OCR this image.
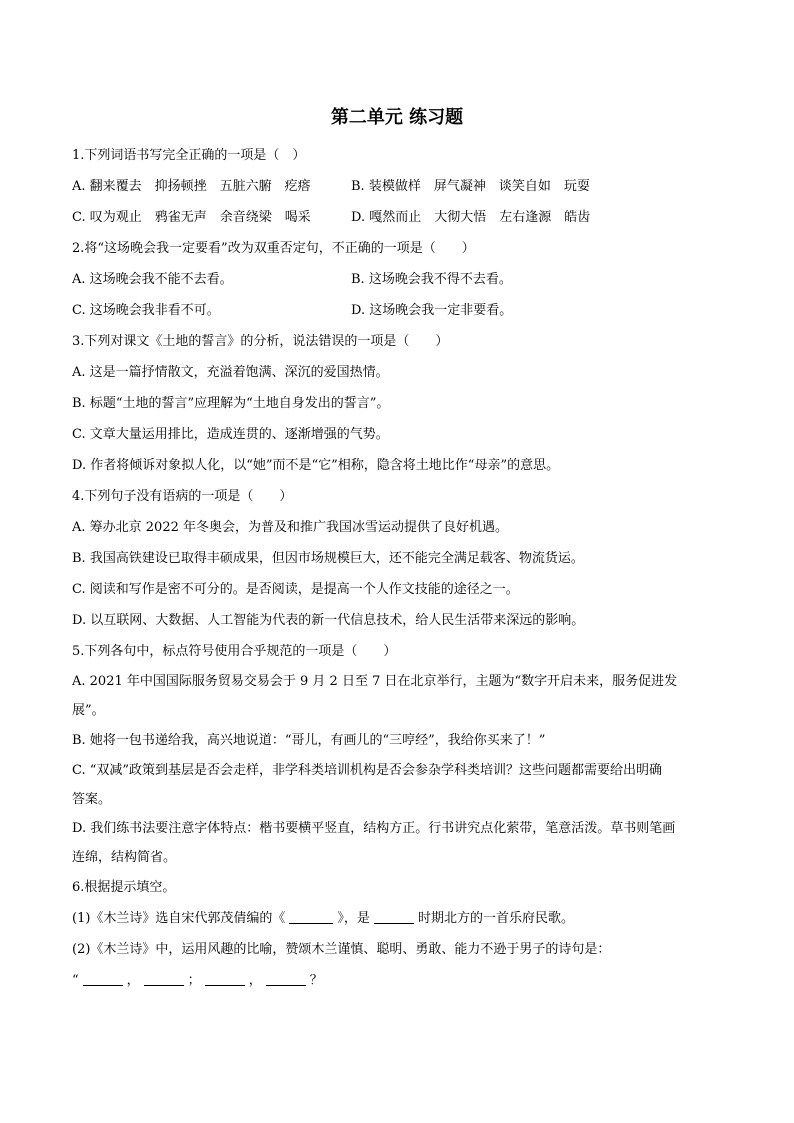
第二单元 练习题
1.下列词语书写完全正确的一项是（　）
A. 翻来覆去　抑扬顿挫　五脏六腑　疙瘩	B. 装模做样　屏气凝神　谈笑自如　玩耍
C. 叹为观止　鸦雀无声　余音绕梁　喝采	D. 嘎然而止　大彻大悟　左右逢源　皓齿
2.将“这场晚会我一定要看”改为双重否定句，不正确的一项是（　　）
A. 这场晚会我不能不去看。	B. 这场晚会我不得不去看。
C. 这场晚会我非看不可。	D. 这场晚会我一定非要看。
3.下列对课文《土地的誓言》的分析，说法错误的一项是（　　）
A. 这是一篇抒情散文，充溢着饱满、深沉的爱国热情。
B. 标题“土地的誓言”应理解为“土地自身发出的誓言”。
C. 文章大量运用排比，造成连贯的、逐渐增强的气势。
D. 作者将倾诉对象拟人化，以“她”而不是“它”相称，隐含将土地比作“母亲”的意思。
4.下列句子没有语病的一项是（　　）
A. 筹办北京 2022 年冬奥会，为普及和推广我国冰雪运动提供了良好机遇。
B. 我国高铁建设已取得丰硕成果，但因市场规模巨大，还不能完全满足载客、物流货运。
C. 阅读和写作是密不可分的。是否阅读，是提高一个人作文技能的途径之一。
D. 以互联网、大数据、人工智能为代表的新一代信息技术，给人民生活带来深远的影响。
5.下列各句中，标点符号使用合乎规范的一项是（　　）
A. 2021 年中国国际服务贸易交易会于 9 月 2 日至 7 日在北京举行，主题为“数字开启未来，服务促进发
展”。
B. 她将一包书递给我，高兴地说道：“哥儿，有画儿的“三哼经”，我给你买来了！”
C. “双减”政策到基层是否会走样，非学科类培训机构是否会参杂学科类培训？这些问题都需要给出明确
答案。
D. 我们练书法要注意字体特点：楷书要横平竖直，结构方正。行书讲究点化萦带，笔意活泼。草书则笔画
连绵，结构简省。
6.根据提示填空。
(1)《木兰诗》选自宋代郭茂倩编的《	》，是	时期北方的一首乐府民歌。
(2)《木兰诗》中，运用风趣的比喻，赞颂木兰谨慎、聪明、勇敢、能力不逊于男子的诗句是：
“	，	；	，	？
